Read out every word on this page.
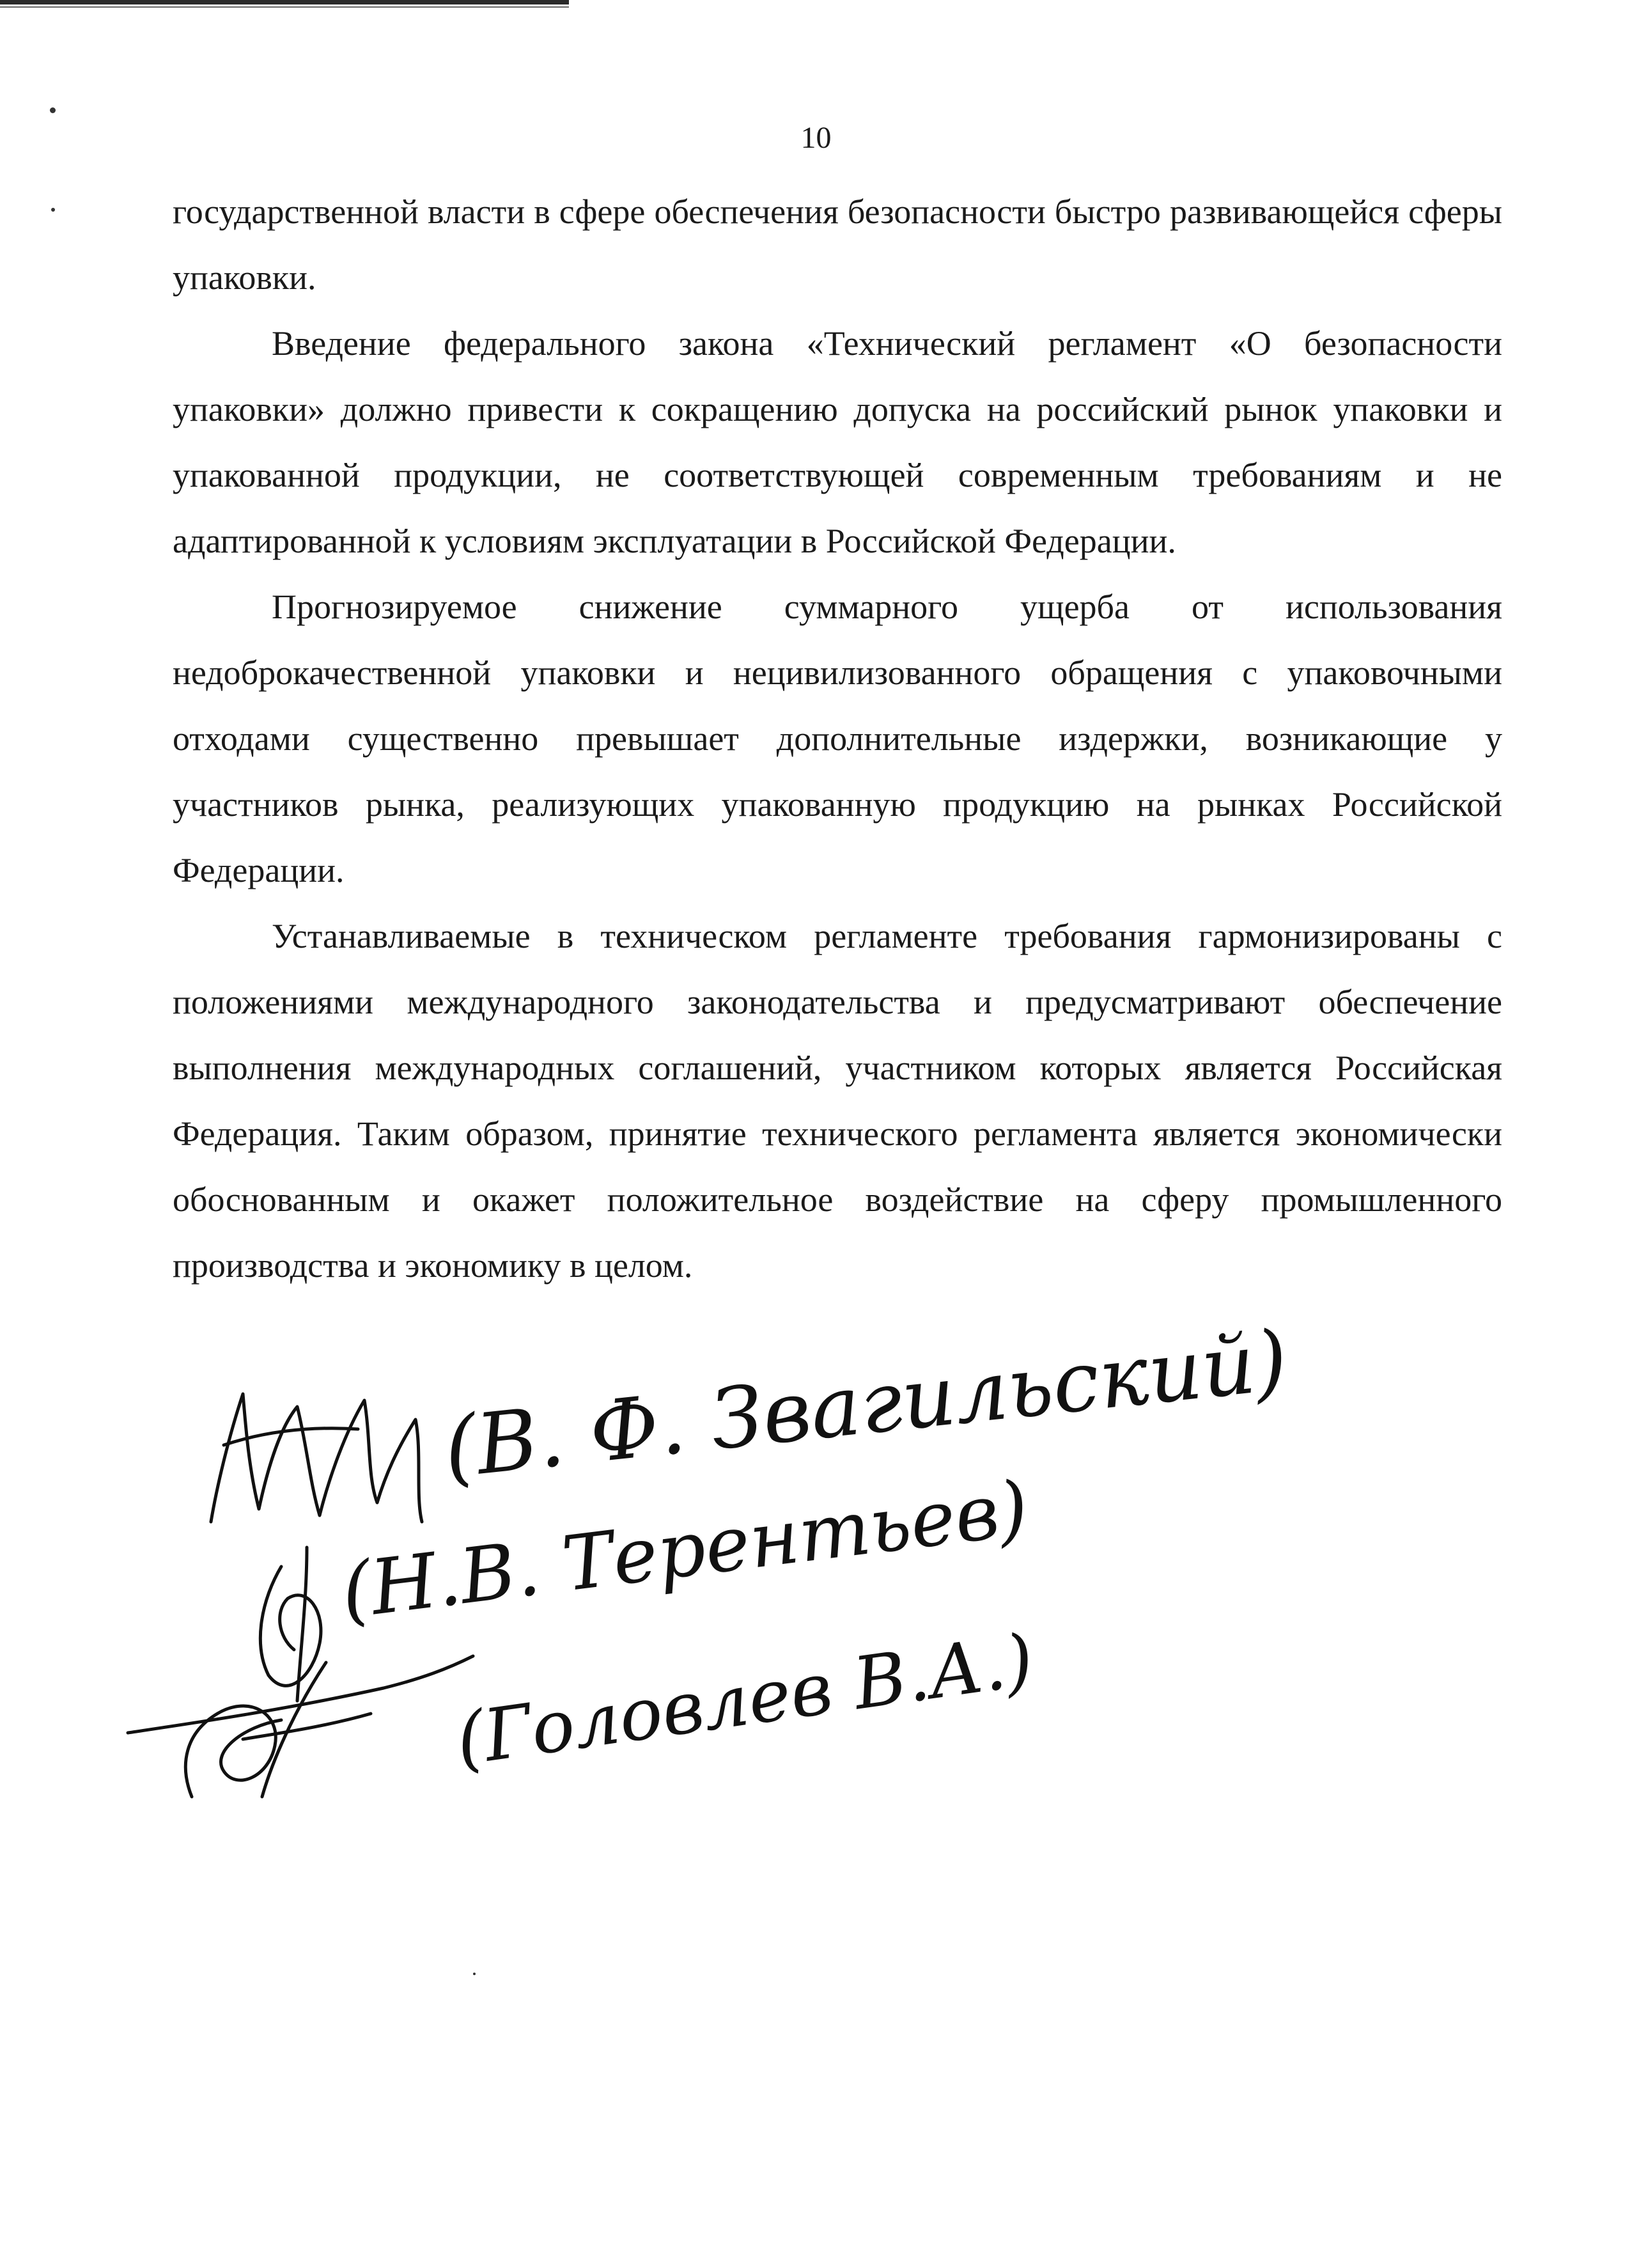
10

государственной власти в сфере обеспечения безопасности быстро развивающейся сферы упаковки.

Введение федерального закона «Технический регламент «О безопасности упаковки» должно привести к сокращению допуска на российский рынок упаковки и упакованной продукции, не соответствующей современным требованиям и не адаптированной к условиям эксплуатации в Российской Федерации.

Прогнозируемое снижение суммарного ущерба от использования недоброкачественной упаковки и нецивилизованного обращения с упаковочными отходами существенно превышает дополнительные издержки, возникающие у участников рынка, реализующих упакованную продукцию на рынках Российской Федерации.

Устанавливаемые в техническом регламенте требования гармонизированы с положениями международного законодательства и предусматривают обеспечение выполнения международных соглашений, участником которых является Российская Федерация. Таким образом, принятие технического регламента является экономически обоснованным и окажет положительное воздействие на сферу промышленного производства и экономику в целом.

(В. Ф. Звагильский)
(Н.В. Терентьев)
(Головлев В.А.)
